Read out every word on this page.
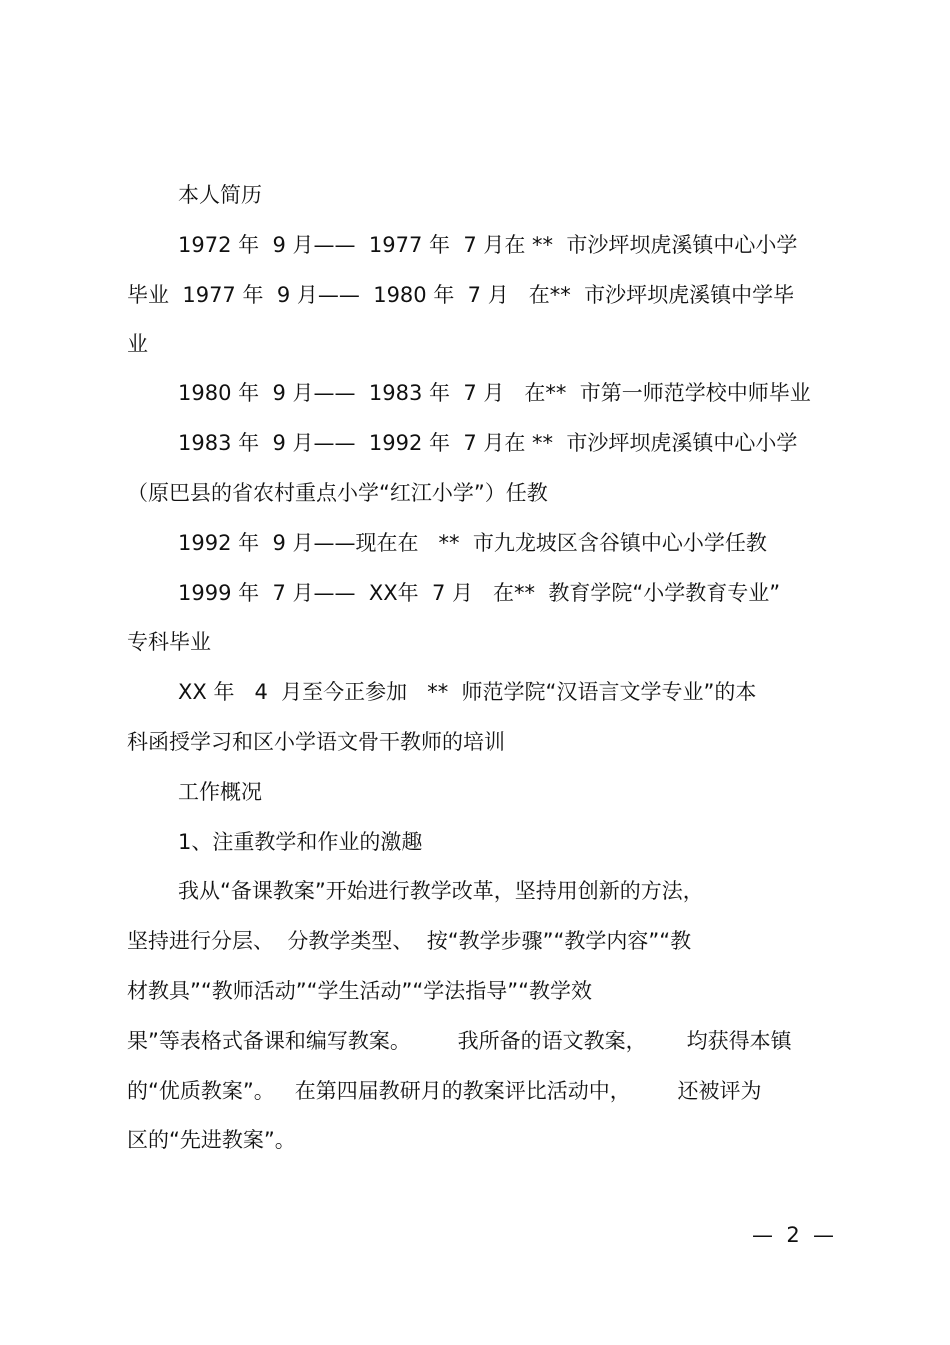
本人简历
1972 年  9 月——  1977 年  7 月在 **  市沙坪坝虎溪镇中心小学
毕业  1977 年  9 月——  1980 年  7 月   在**  市沙坪坝虎溪镇中学毕
业
1980 年  9 月——  1983 年  7 月   在**  市第一师范学校中师毕业
1983 年  9 月——  1992 年  7 月在 **  市沙坪坝虎溪镇中心小学
（原巴县的省农村重点小学“红江小学”）任教
1992 年  9 月——现在在   **  市九龙坡区含谷镇中心小学任教
1999 年  7 月——  XX年  7 月   在**  教育学院“小学教育专业”
专科毕业
XX 年   4  月至今正参加   **  师范学院“汉语言文学专业”的本
科函授学习和区小学语文骨干教师的培训
工作概况
1、注重教学和作业的激趣
我从“备课教案”开始进行教学改革，坚持用创新的方法，
坚持进行分层、  分教学类型、  按“教学步骤”“教学内容”“教
材教具”“教师活动”“学生活动”“学法指导”“教学效
果”等表格式备课和编写教案。       我所备的语文教案，      均获得本镇
的“优质教案”。   在第四届教研月的教案评比活动中，       还被评为
区的“先进教案”。
—  2  —
